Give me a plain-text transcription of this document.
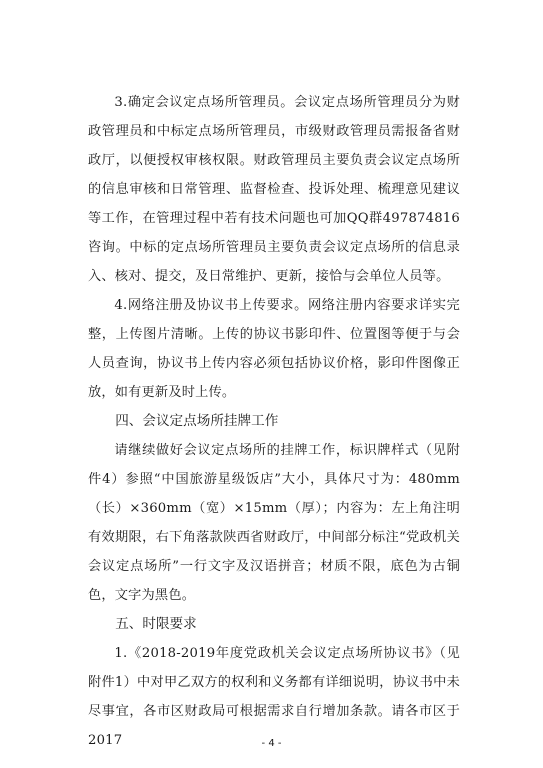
3.确定会议定点场所管理员。会议定点场所管理员分为财政管理员和中标定点场所管理员，市级财政管理员需报备省财政厅，以便授权审核权限。财政管理员主要负责会议定点场所的信息审核和日常管理、监督检查、投诉处理、梳理意见建议等工作，在管理过程中若有技术问题也可加QQ群497874816咨询。中标的定点场所管理员主要负责会议定点场所的信息录入、核对、提交，及日常维护、更新，接恰与会单位人员等。

4.网络注册及协议书上传要求。网络注册内容要求详实完整，上传图片清晰。上传的协议书影印件、位置图等便于与会人员查询，协议书上传内容必须包括协议价格，影印件图像正放，如有更新及时上传。

四、会议定点场所挂牌工作

请继续做好会议定点场所的挂牌工作，标识牌样式（见附件4）参照“中国旅游星级饭店”大小，具体尺寸为：480mm（长）×360mm（宽）×15mm（厚）；内容为：左上角注明有效期限，右下角落款陕西省财政厅，中间部分标注“党政机关会议定点场所”一行文字及汉语拼音；材质不限，底色为古铜色，文字为黑色。

五、时限要求

1.《2018-2019年度党政机关会议定点场所协议书》（见附件1）中对甲乙双方的权利和义务都有详细说明，协议书中未尽事宜，各市区财政局可根据需求自行增加条款。请各市区于2017	- 4 -
